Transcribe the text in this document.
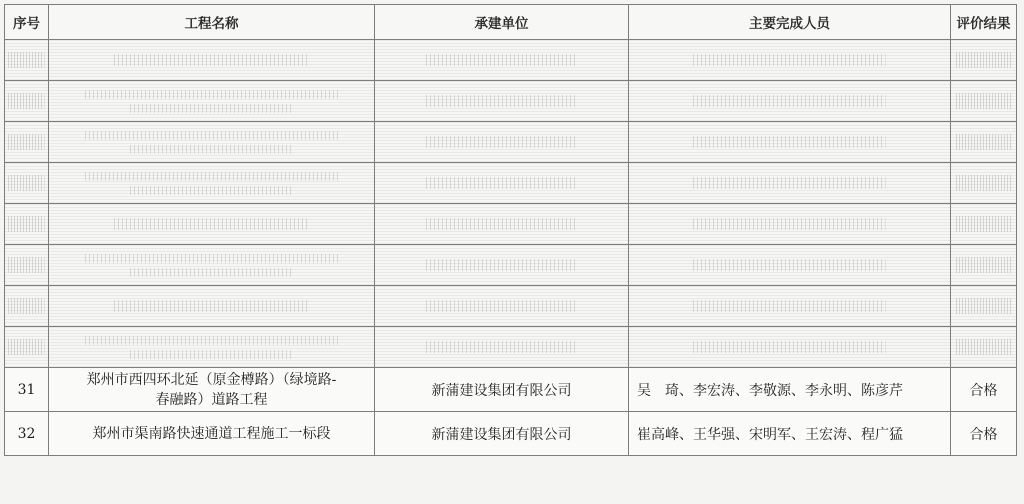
序号	工程名称	承建单位	主要完成人员	评价结果

31	郑州市西四环北延（原金樽路）（绿境路-
春融路）道路工程	新蒲建设集团有限公司	吴　琦、李宏涛、李敬源、李永明、陈彦芹	合格
32	郑州市渠南路快速通道工程施工一标段	新蒲建设集团有限公司	崔高峰、王华强、宋明军、王宏涛、程广猛	合格
